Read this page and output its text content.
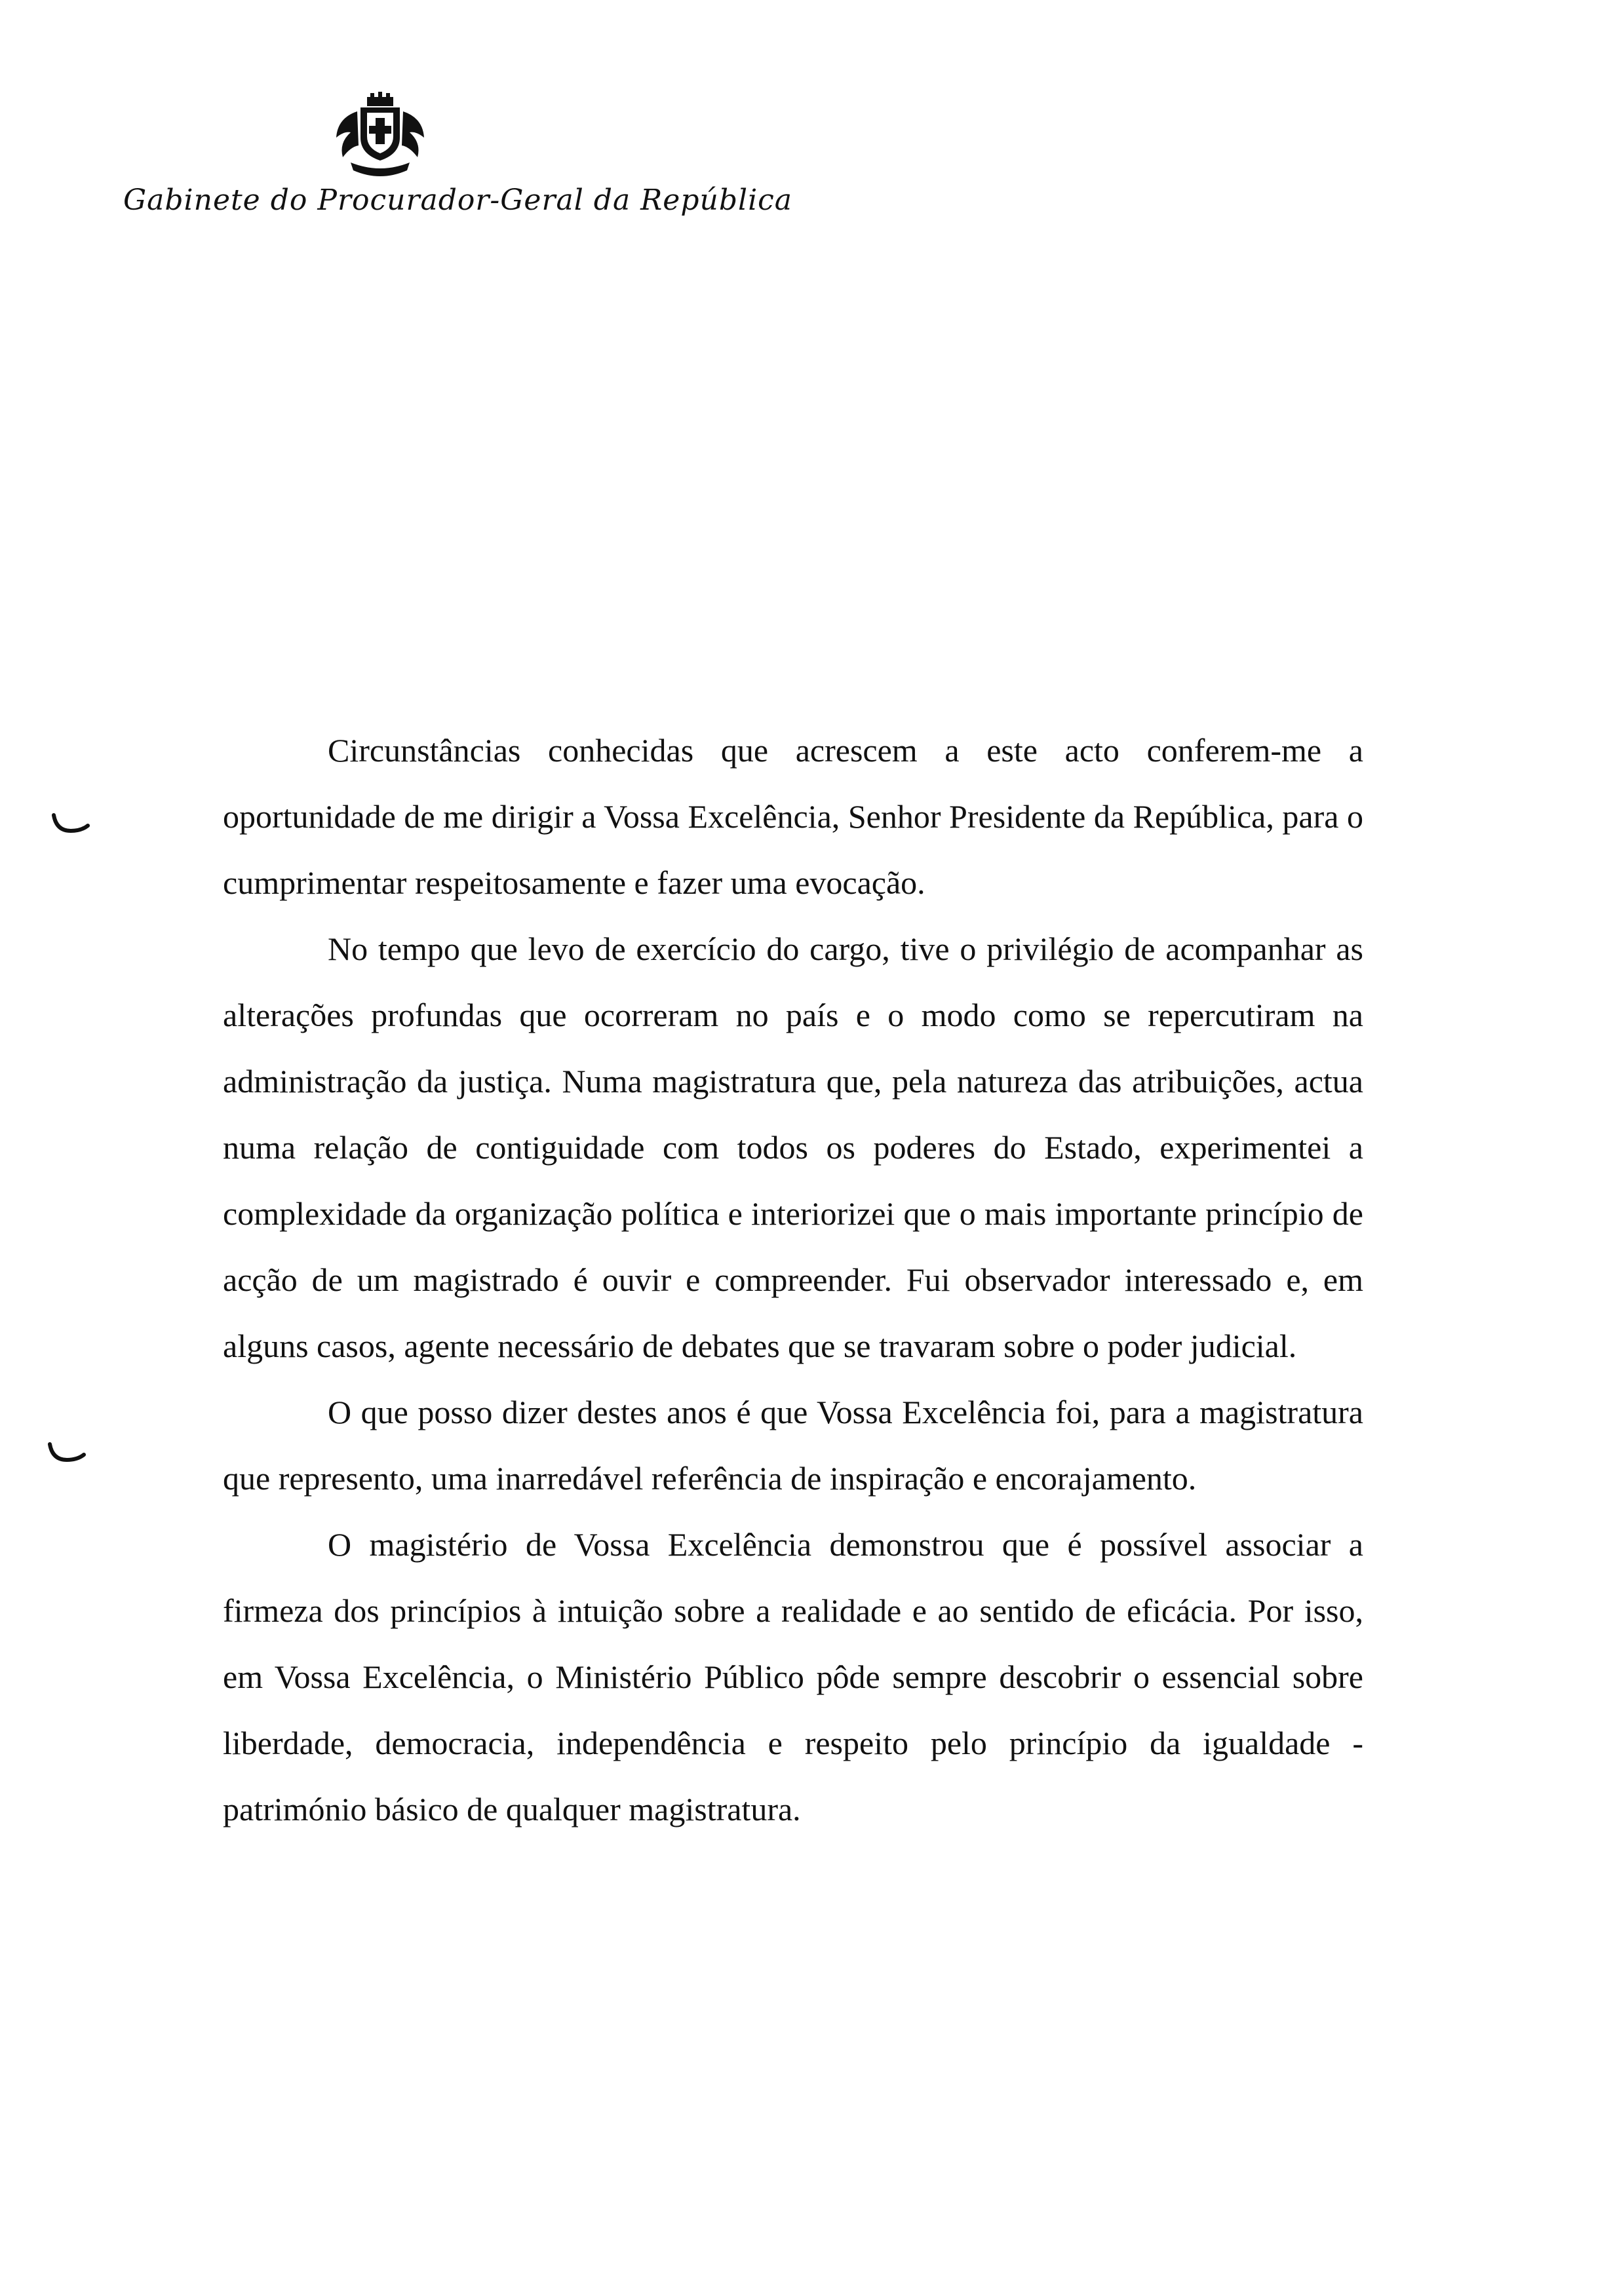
Gabinete do Procurador-Geral da República

Circunstâncias conhecidas que acrescem a este acto conferem-me a oportunidade de me dirigir a Vossa Excelência, Senhor Presidente da República, para o cumprimentar respeitosamente e fazer uma evocação.

No tempo que levo de exercício do cargo, tive o privilégio de acompanhar as alterações profundas que ocorreram no país e o modo como se repercutiram na administração da justiça. Numa magistratura que, pela natureza das atribuições, actua numa relação de contiguidade com todos os poderes do Estado, experimentei a complexidade da organização política e interiorizei que o mais importante princípio de acção de um magistrado é ouvir e compreender. Fui observador interessado e, em alguns casos, agente necessário de debates que se travaram sobre o poder judicial.

O que posso dizer destes anos é que Vossa Excelência foi, para a magistratura que represento, uma inarredável referência de inspiração e encorajamento.

O magistério de Vossa Excelência demonstrou que é possível associar a firmeza dos princípios à intuição sobre a realidade e ao sentido de eficácia. Por isso, em Vossa Excelência, o Ministério Público pôde sempre descobrir o essencial sobre liberdade, democracia, independência e respeito pelo princípio da igualdade - património básico de qualquer magistratura.
